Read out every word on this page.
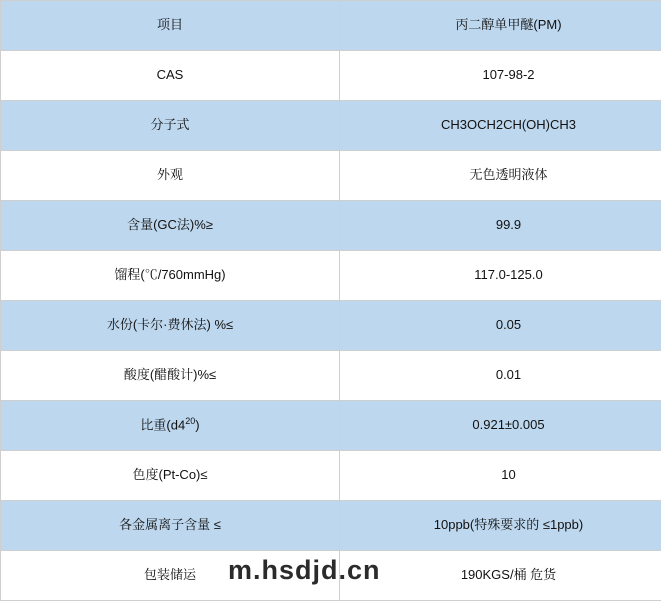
项目	丙二醇单甲醚(PM)
CAS	107-98-2
分子式	CH3OCH2CH(OH)CH3
外观	无色透明液体
含量(GC法)%≥	99.9
馏程(℃/760mmHg)	117.0-125.0
水份(卡尔·费休法) %≤	0.05
酸度(醋酸计)%≤	0.01
比重$(d4^{20})$	0.921±0.005
色度(Pt-Co)≤	10
各金属离子含量 ≤	10ppb(特殊要求的 ≤1ppb)
包装储运	190KGS/桶 危货
m.hsdjd.cn
